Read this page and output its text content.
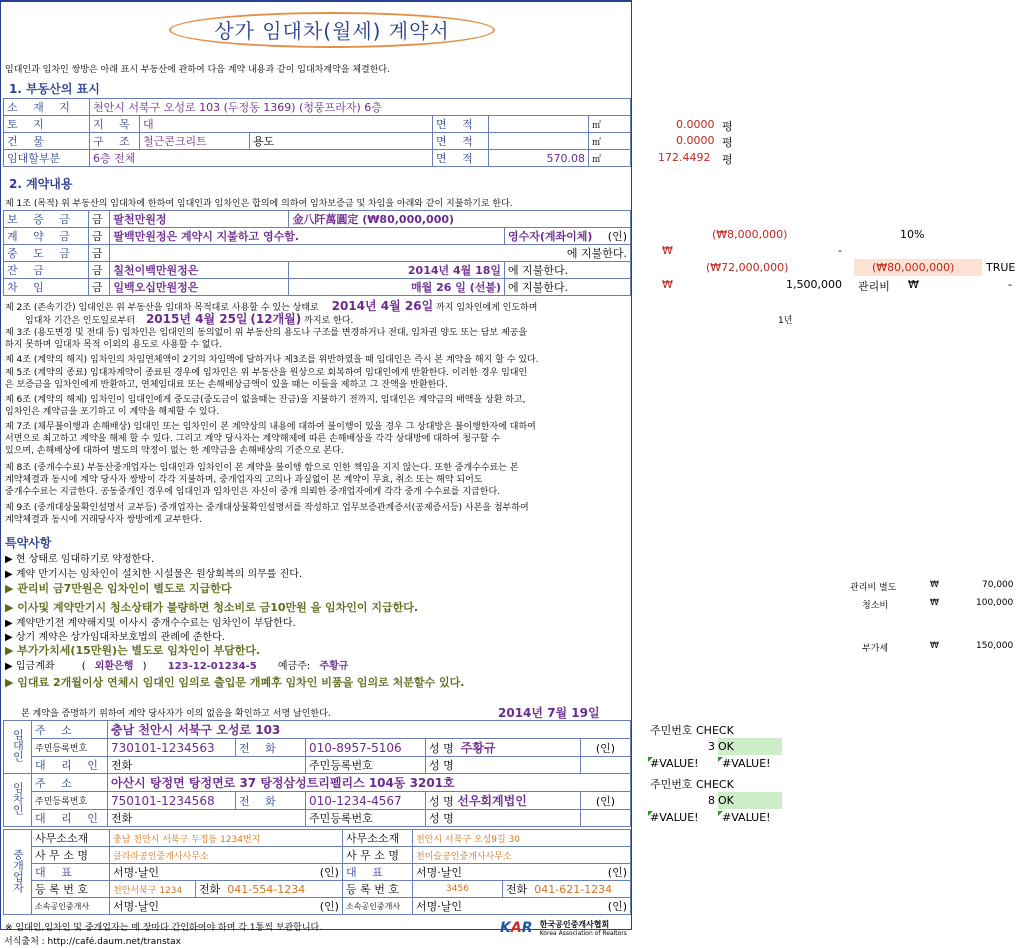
상가 임대차(월세) 계약서
임대인과 임차인 쌍방은 아래 표시 부동산에 관하여 다음 계약 내용과 같이 임대차계약을 체결한다.
1. 부동산의 표시
소 재 지	천안시 서북구 오성로 103 (두정동 1369) (청풍프라자) 6층					
토 지	지 목	대		면 적		㎡
건 물	구 조	철근콘크리트	용도	면 적		㎡
임대할부분	6층 전체			면 적	570.08	㎡
2. 계약내용
제 1조 (목적) 위 부동산의 임대차에 한하여 임대인과 임차인은 합의에 의하여 임차보증금 및 차임을 아래와 같이 지불하기로 한다.
보 증 금	금	팔천만원정	金八阡萬圓定 (₩80,000,000)	
계 약 금	금	팔백만원정은 계약시 지불하고 영수함.		영수자(계좌이체) (인)
중 도 금	금	에 지불한다.		
잔 금	금	칠천이백만원정은	2014년 4월 18일	에 지불한다.
차 임	금	일백오십만원정은	매월 26 일 (선불)	에 지불한다.
제 2조 (존속기간) 임대인은 위 부동산을 임대차 목적대로 사용할 수 있는 상태로 2014년 4월 26일 까지 임차인에게 인도하며
임대차 기간은 인도일로부터 2015년 4월 25일 (12개월) 까지로 한다.
제 3조 (용도변경 및 전대 등) 임차인은 임대인의 동의없이 위 부동산의 용도나 구조를 변경하거나 전대, 임차권 양도 또는 담보 제공을
하지 못하며 임대차 목적 이외의 용도로 사용할 수 없다.
제 4조 (계약의 해지) 임차인의 차임연체액이 2기의 차임액에 달하거나 제3조를 위반하였을 때 임대인은 즉시 본 계약을 해지 할 수 있다.
제 5조 (계약의 종료) 임대차계약이 종료된 경우에 임차인은 위 부동산을 원상으로 회복하여 임대인에게 반환한다. 이러한 경우 임대인
은 보증금을 임차인에게 반환하고, 연체임대료 또는 손해배상금액이 있을 때는 이들을 제하고 그 잔액을 반환한다.
제 6조 (계약의 해제) 임차인이 임대인에게 중도금(중도금이 없을때는 잔금)을 지불하기 전까지, 임대인은 계약금의 배액을 상환 하고,
임차인은 계약금을 포기하고 이 계약을 해제할 수 있다.
제 7조 (채무불이행과 손해배상) 임대인 또는 임차인이 본 계약상의 내용에 대하여 불이행이 있을 경우 그 상대방은 불이행한자에 대하여
서면으로 최고하고 계약을 해제 할 수 있다. 그리고 계약 당사자는 계약해제에 따른 손해배상을 각각 상대방에 대하여 청구할 수
있으며, 손해배상에 대하여 별도의 약정이 없는 한 계약금을 손해배상의 기준으로 본다.
제 8조 (중개수수료) 부동산중개업자는 임대인과 임차인이 본 계약을 불이행 함으로 인한 책임을 지지 않는다. 또한 중개수수료는 본
계약체결과 동시에 계약 당사자 쌍방이 각각 지불하며, 중개업자의 고의나 과실없이 본 계약이 무효, 취소 또는 해약 되어도
중개수수료는 지급한다. 공동중개인 경우에 임대인과 임차인은 자신이 중개 의뢰한 중개업자에게 각각 중개 수수료를 지급한다.
제 9조 (중개대상물확인설명서 교부등) 중개업자는 중개대상물확인설명서를 작성하고 업무보증관계증서(공제증서등) 사본을 첨부하여
계약체결과 동시에 거래당사자 쌍방에게 교부한다.
특약사항
▶ 현 상태로 임대하기로 약정한다.
▶ 계약 만기시는 임차인이 설치한 시설물은 원상회복의 의무를 진다.
▶ 관리비 금7만원은 임차인이 별도로 지급한다
▶ 이사및 계약만기시 청소상태가 불량하면 청소비로 금10만원 을 임차인이 지급한다.
▶ 계약만기전 계약해지및 이사시 중개수수료는 임차인이 부담한다.
▶ 상기 계약은 상가임대차보호법의 관례에 준한다.
▶ 부가가치세(15만원)는 별도로 임차인이 부담한다.
▶ 입금계좌	( 외환은행 ) 123-12-01234-5 예금주: 주황규
▶ 임대료 2개월이상 연체시 임대인 임의로 출입문 개폐후 임차인 비품을 임의로 처분할수 있다.
본 계약을 증명하기 위하여 계약 당사자가 이의 없음을 확인하고 서명 날인한다.	2014년 7월 19일
임대인	주 소	충남 천안시 서북구 오성로 103				
	주민등록번호	730101-1234563	전 화	010-8957-5106	성 명 주황규	(인)
	대 리 인	전화		주민등록번호	성 명	
임차인	주 소	아산시 탕정면 탕정면로 37 탕정삼성트리펠리스 104동 3201호				
	주민등록번호	750101-1234568	전 화	010-1234-4567	성 명 선우회계법인	(인)
	대 리 인	전화		주민등록번호	성 명	
중개업자	사무소소재	충남 천안시 서북구 두정동 1234번지		사무소소재	천안시 서북구 오성9길 30	
	사 무 소 명	클라라공인중개사사무소		사 무 소 명	천미슬공인중개사사무소	
	대 표	서명·날인 (인)		대 표	서명·날인 (인)	

	등 록 번 호	천안서북구 1234	전화 041-554-1234	등 록 번 호	3456	전화 041-621-1234
	소속공인중개사	서명·날인 (인)		소속공인중개사	서명·날인 (인)	
※ 임대인,임차인 및 중개업자는 매 장마다 간인하여야 하며 각 1통씩 보관합니다.
서식출처 : http://café.daum.net/transtax
KAR 한국공인중개사협회
Korea Association of Realtors
0.0000 평
0.0000 평
172.4492 평
(₩8,000,000)	10%
₩	-
(₩72,000,000)	(₩80,000,000)	TRUE
₩	1,500,000 관리비 ₩	-
1년
관리비 별도	₩	70,000
청소비	₩	100,000
부가세	₩	150,000
주민번호 CHECK
3 OK
#VALUE! #VALUE!
주민번호 CHECK
8 OK
#VALUE! #VALUE!
